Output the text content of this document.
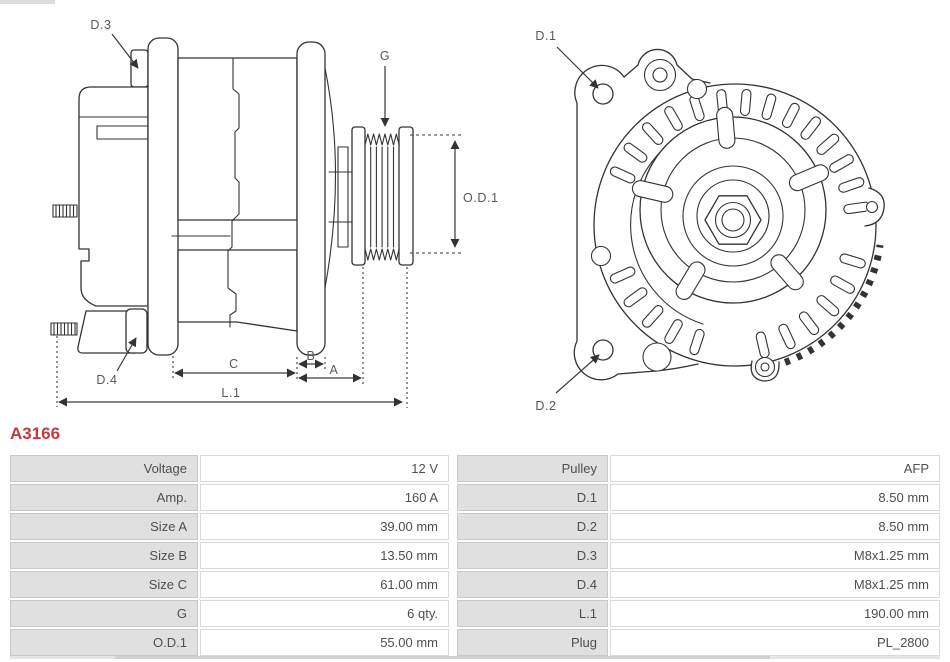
D.3
G
O.D.1
D.4
C
B
A
L.1
D.1
D.2
A3166
Voltage	12 V	Pulley	AFP
Amp.	160 A	D.1	8.50 mm
Size A	39.00 mm	D.2	8.50 mm
Size B	13.50 mm	D.3	M8x1.25 mm
Size C	61.00 mm	D.4	M8x1.25 mm
G	6 qty.	L.1	190.00 mm
O.D.1	55.00 mm	Plug	PL_2800
